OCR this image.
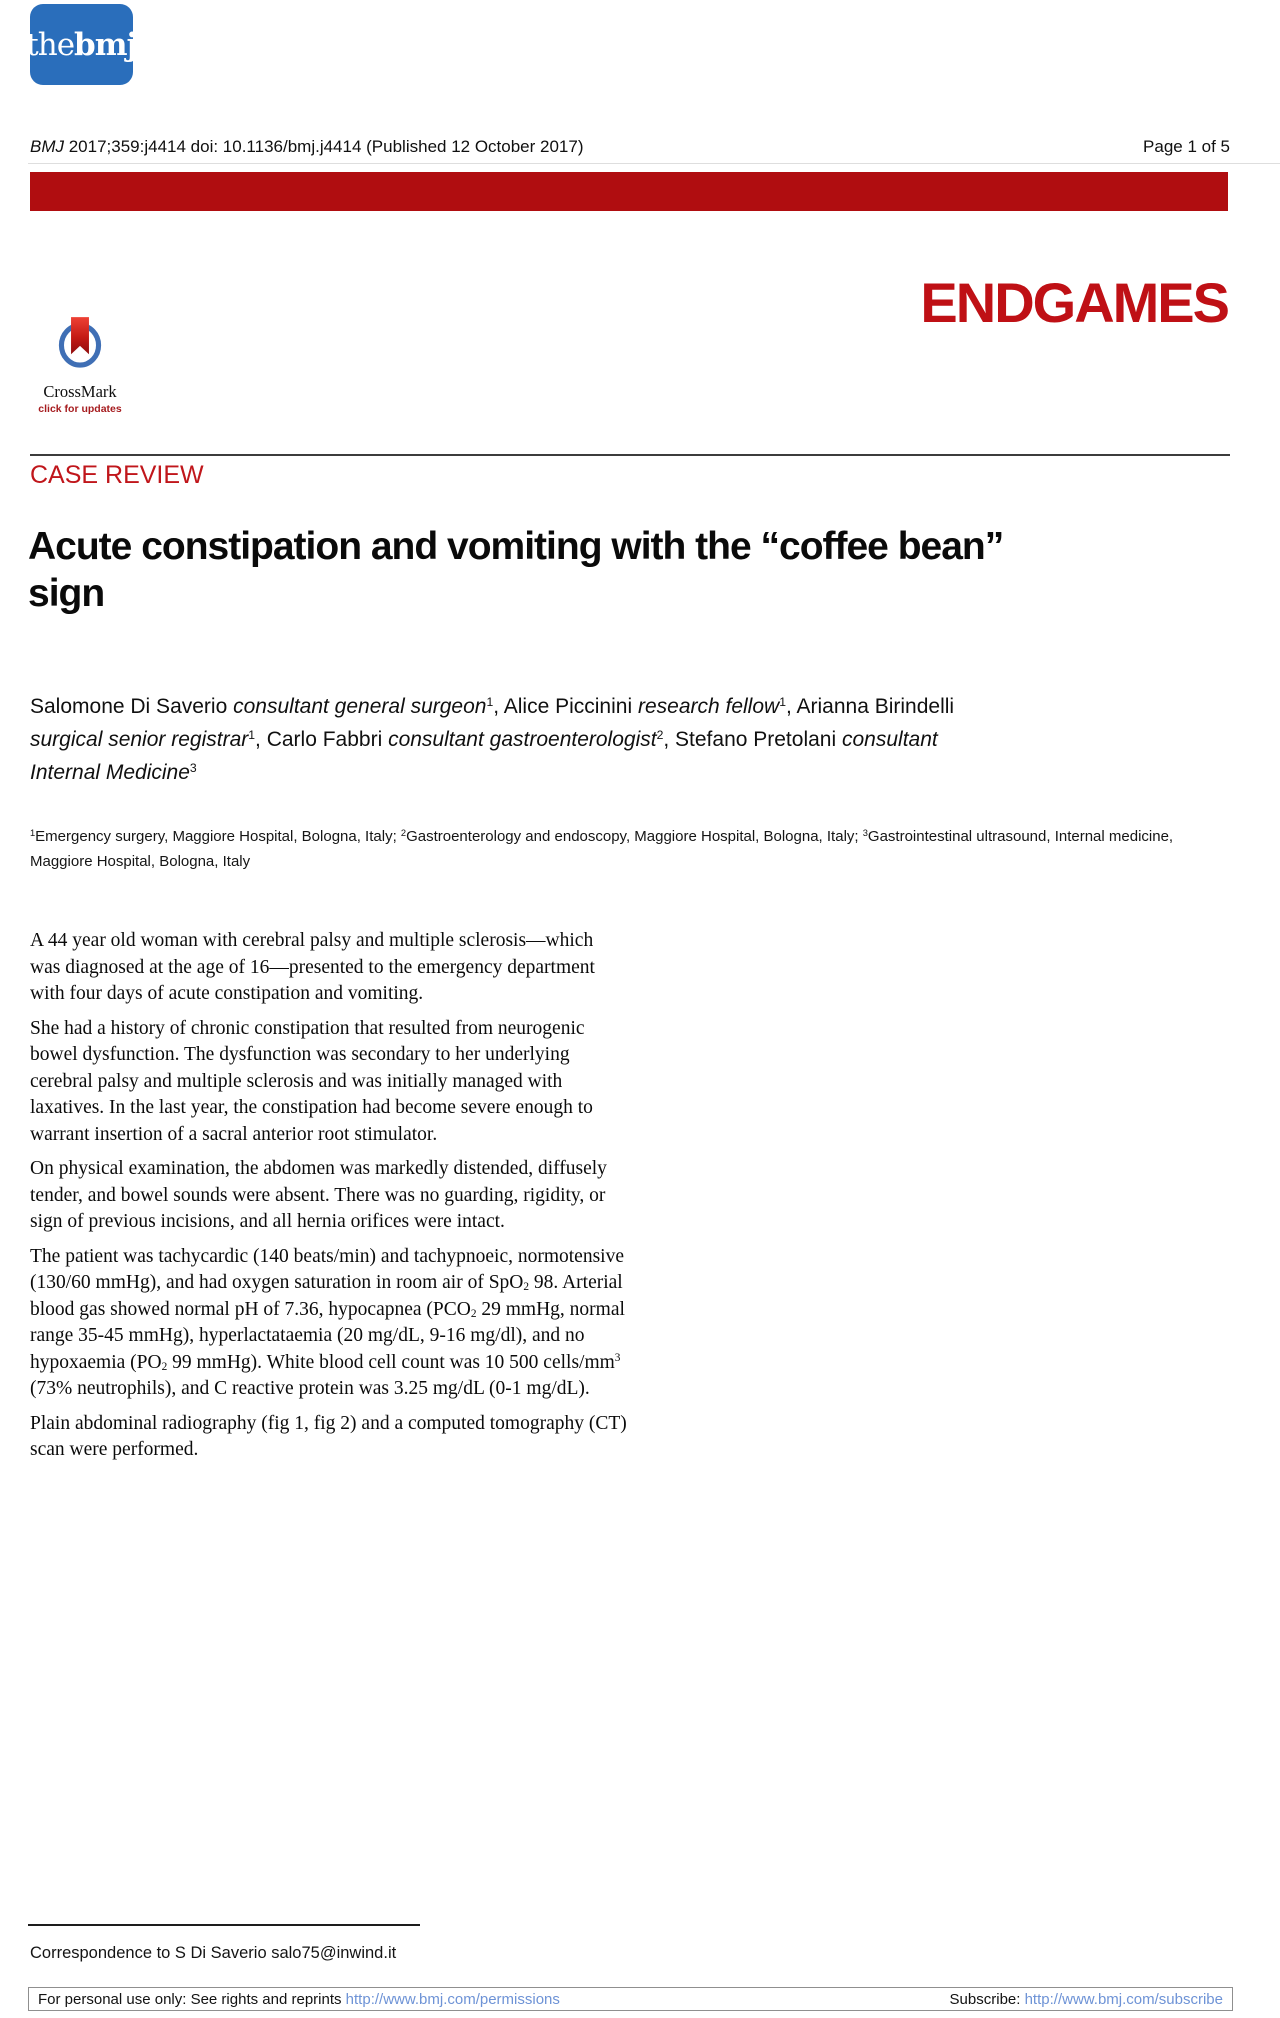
the bmj
BMJ 2017;359:j4414 doi: 10.1136/bmj.j4414 (Published 12 October 2017)	Page 1 of 5
ENDGAMES
CrossMark
click for updates
CASE REVIEW
Acute constipation and vomiting with the “coffee bean”
sign
Salomone Di Saverio consultant general surgeon$^1$, Alice Piccinini research fellow$^1$, Arianna Birindelli surgical senior registrar$^1$, Carlo Fabbri consultant gastroenterologist$^2$, Stefano Pretolani consultant Internal Medicine$^3$
$^1$Emergency surgery, Maggiore Hospital, Bologna, Italy; $^2$Gastroenterology and endoscopy, Maggiore Hospital, Bologna, Italy; $^3$Gastrointestinal ultrasound, Internal medicine, Maggiore Hospital, Bologna, Italy

A 44 year old woman with cerebral palsy and multiple sclerosis—which was diagnosed at the age of 16—presented to the emergency department with four days of acute constipation and vomiting.

She had a history of chronic constipation that resulted from neurogenic bowel dysfunction. The dysfunction was secondary to her underlying cerebral palsy and multiple sclerosis and was initially managed with laxatives. In the last year, the constipation had become severe enough to warrant insertion of a sacral anterior root stimulator.

On physical examination, the abdomen was markedly distended, diffusely tender, and bowel sounds were absent. There was no guarding, rigidity, or sign of previous incisions, and all hernia orifices were intact.

The patient was tachycardic (140 beats/min) and tachypnoeic, normotensive (130/60 mmHg), and had oxygen saturation in room air of SpO$_2$ 98. Arterial blood gas showed normal pH of 7.36, hypocapnea ($PCO_2$ 29 mmHg, normal range 35-45 mmHg), hyperlactataemia (20 mg/dL, 9-16 mg/dl), and no hypoxaemia ($PO_2$ 99 mmHg). White blood cell count was 10 500 cells/$mm^3$ (73% neutrophils), and C reactive protein was 3.25 mg/dL (0-1 mg/dL).

Plain abdominal radiography (fig 1, fig 2) and a computed tomography (CT) scan were performed.

Correspondence to S Di Saverio salo75@inwind.it
For personal use only: See rights and reprints http://www.bmj.com/permissions	Subscribe: http://www.bmj.com/subscribe
